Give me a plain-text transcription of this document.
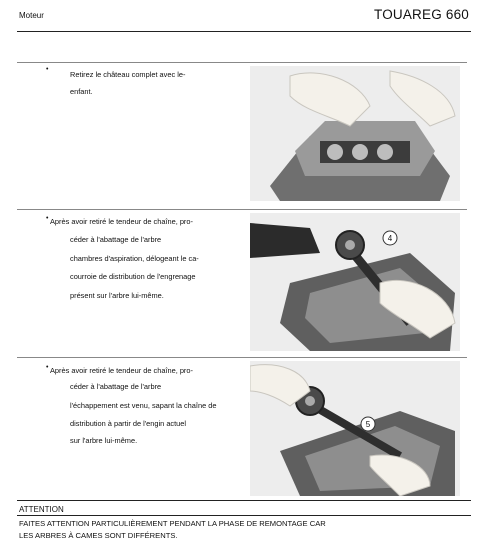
Moteur	TOUAREG 660
•
Retirez le château complet avec le-
enfant.
• Après avoir retiré le tendeur de chaîne, pro-
céder à l'abattage de l'arbre
chambres d'aspiration, délogeant le ca-
courroie de distribution de l'engrenage
présent sur l'arbre lui-même.
4
• Après avoir retiré le tendeur de chaîne, pro-
céder à l'abattage de l'arbre
l'échappement est venu, sapant la chaîne de
distribution à partir de l'engin actuel
sur l'arbre lui-même.
5
ATTENTION
FAITES ATTENTION PARTICULIÈREMENT PENDANT LA PHASE DE REMONTAGE CAR
LES ARBRES À CAMES SONT DIFFÉRENTS.
